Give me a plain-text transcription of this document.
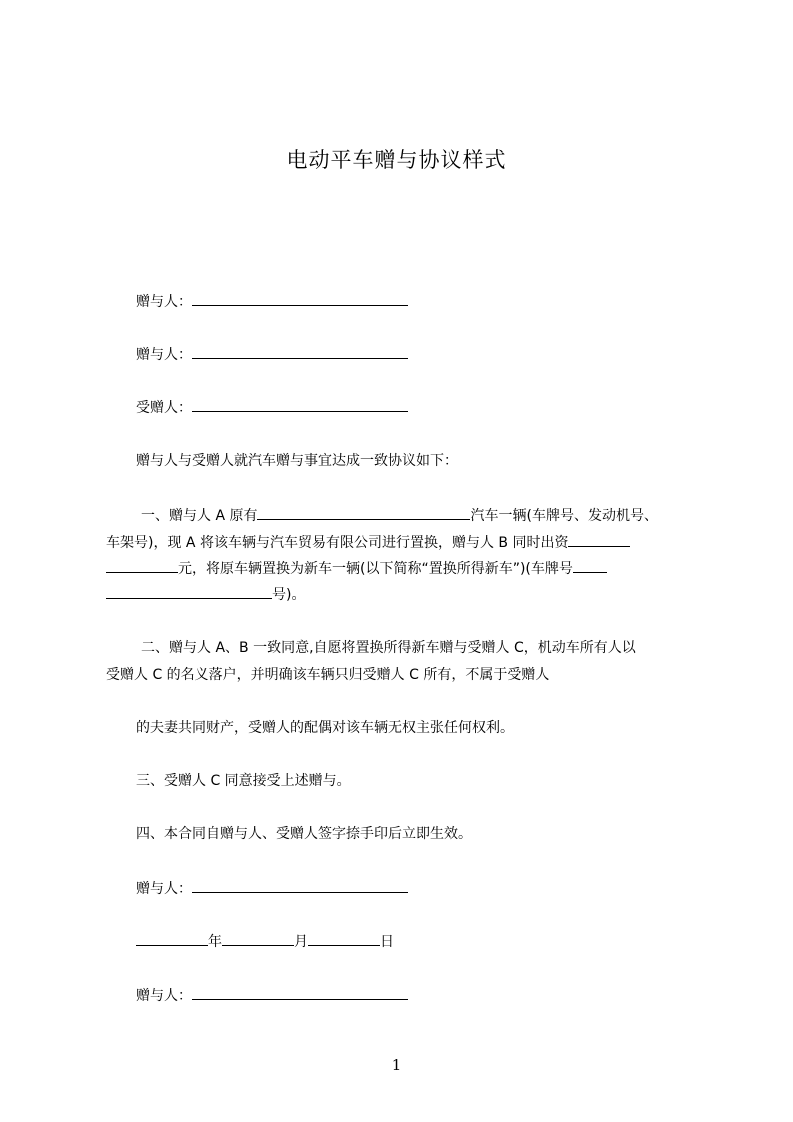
电动平车赠与协议样式
赠与人：
赠与人：
受赠人：
赠与人与受赠人就汽车赠与事宜达成一致协议如下：
一、赠与人 A 原有	汽车一辆(车牌号、发动机号、
车架号)，现 A 将该车辆与汽车贸易有限公司进行置换，赠与人 B 同时出资
元，将原车辆置换为新车一辆(以下简称“置换所得新车”)(车牌号
号)。
二、赠与人 A、B 一致同意,自愿将置换所得新车赠与受赠人 C，机动车所有人以
受赠人 C 的名义落户，并明确该车辆只归受赠人 C 所有，不属于受赠人
的夫妻共同财产，受赠人的配偶对该车辆无权主张任何权利。
三、受赠人 C 同意接受上述赠与。
四、本合同自赠与人、受赠人签字捺手印后立即生效。
赠与人：
年	月	日
赠与人：
1
